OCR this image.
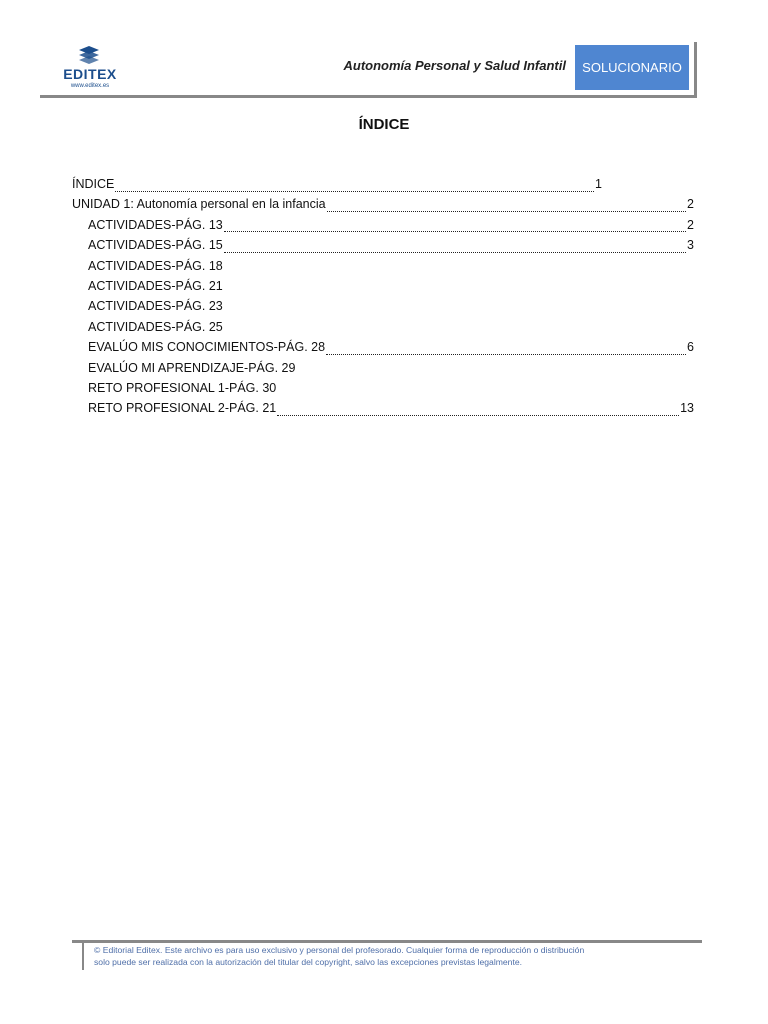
EDITEX
www.editex.es
Autonomía Personal y Salud Infantil	SOLUCIONARIO
ÍNDICE
ÍNDICE	1
UNIDAD 1: Autonomía personal en la infancia	2
ACTIVIDADES-PÁG. 13	2
ACTIVIDADES-PÁG. 15	3
ACTIVIDADES-PÁG. 18
ACTIVIDADES-PÁG. 21
ACTIVIDADES-PÁG. 23
ACTIVIDADES-PÁG. 25
EVALÚO MIS CONOCIMIENTOS-PÁG. 28	6
EVALÚO MI APRENDIZAJE-PÁG. 29
RETO PROFESIONAL 1-PÁG. 30
RETO PROFESIONAL 2-PÁG. 21	13
© Editorial Editex. Este archivo es para uso exclusivo y personal del profesorado. Cualquier forma de reproducción o distribución
solo puede ser realizada con la autorización del titular del copyright, salvo las excepciones previstas legalmente.
